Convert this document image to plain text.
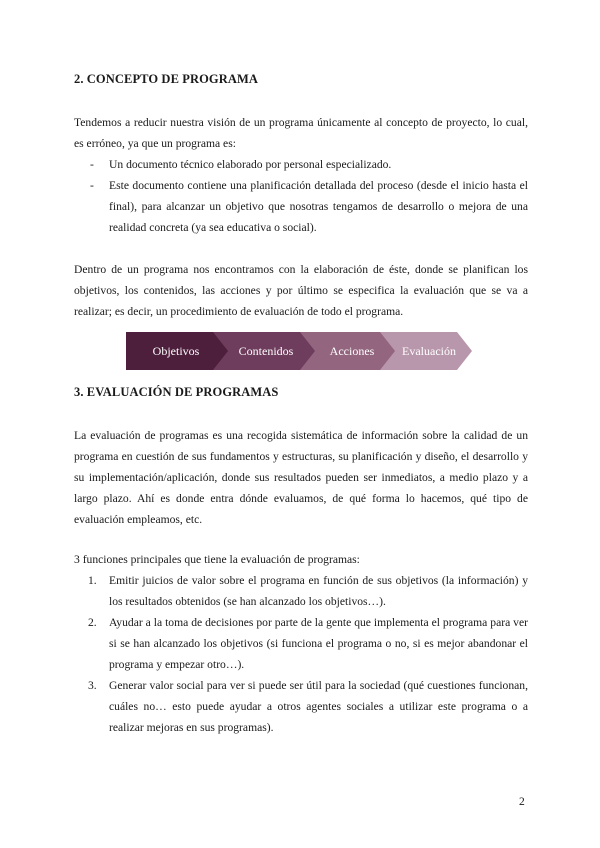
2. CONCEPTO DE PROGRAMA

Tendemos a reducir nuestra visión de un programa únicamente al concepto de proyecto, lo cual, es erróneo, ya que un programa es:

- Un documento técnico elaborado por personal especializado.
- Este documento contiene una planificación detallada del proceso (desde el inicio hasta el final), para alcanzar un objetivo que nosotras tengamos de desarrollo o mejora de una realidad concreta (ya sea educativa o social).

Dentro de un programa nos encontramos con la elaboración de éste, donde se planifican los objetivos, los contenidos, las acciones y por último se especifica la evaluación que se va a realizar; es decir, un procedimiento de evaluación de todo el programa.

Objetivos	Contenidos	Acciones Evaluación
3. EVALUACIÓN DE PROGRAMAS

La evaluación de programas es una recogida sistemática de información sobre la calidad de un programa en cuestión de sus fundamentos y estructuras, su planificación y diseño, el desarrollo y su implementación/aplicación, donde sus resultados pueden ser inmediatos, a medio plazo y a largo plazo. Ahí es donde entra dónde evaluamos, de qué forma lo hacemos, qué tipo de evaluación empleamos, etc.

3 funciones principales que tiene la evaluación de programas:

1. Emitir juicios de valor sobre el programa en función de sus objetivos (la información) y los resultados obtenidos (se han alcanzado los objetivos…).
2. Ayudar a la toma de decisiones por parte de la gente que implementa el programa para ver si se han alcanzado los objetivos (si funciona el programa o no, si es mejor abandonar el programa y empezar otro…).
3. Generar valor social para ver si puede ser útil para la sociedad (qué cuestiones funcionan, cuáles no… esto puede ayudar a otros agentes sociales a utilizar este programa o a realizar mejoras en sus programas).
2
